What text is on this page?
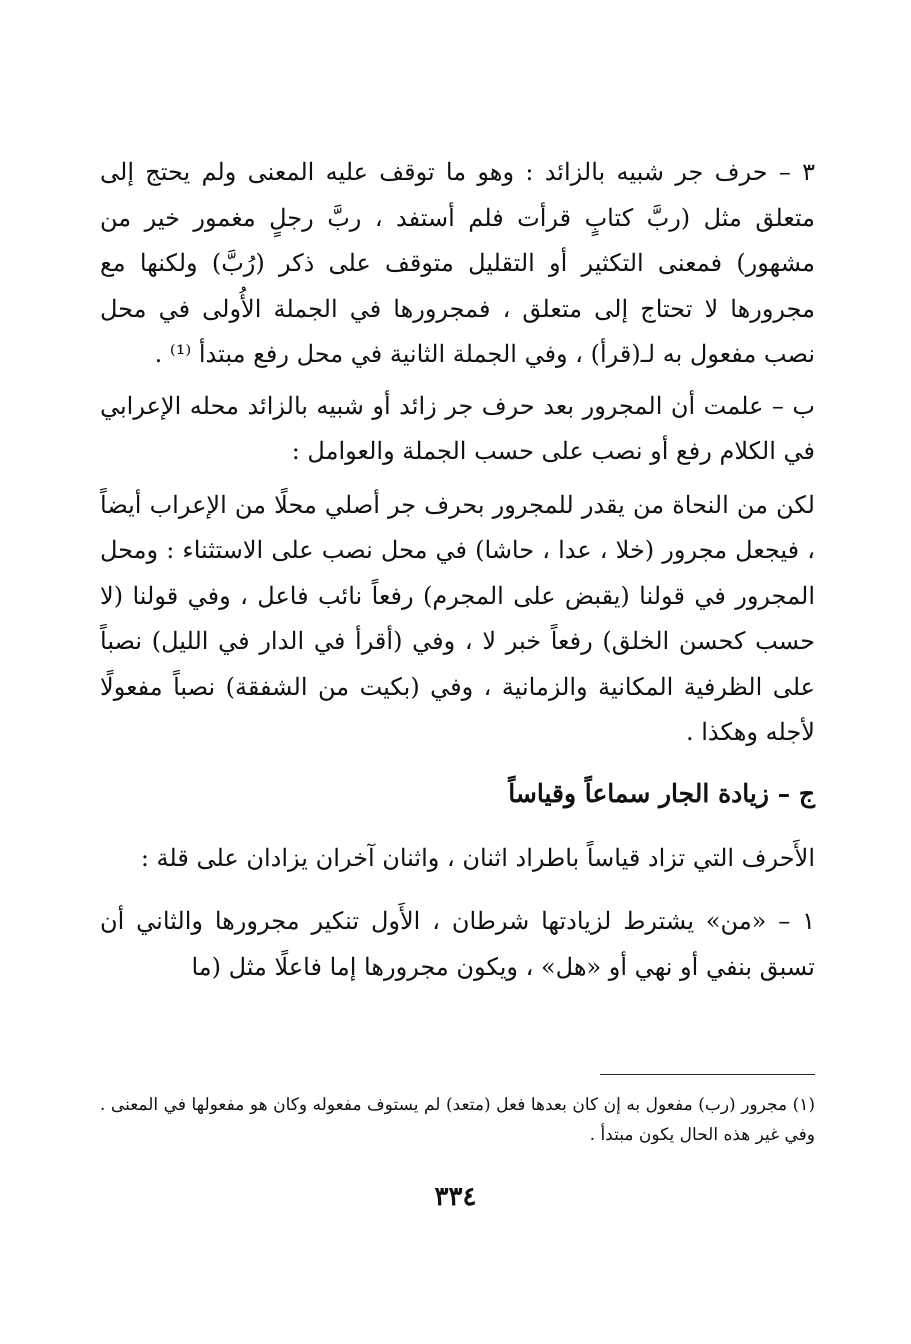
٣ – حرف جر شبيه بالزائد : وهو ما توقف عليه المعنى ولم يحتج إلى متعلق مثل (ربَّ كتابٍ قرأت فلم أستفد ، ربَّ رجلٍ مغمور خير من مشهور) فمعنى التكثير أو التقليل متوقف على ذكر (رُبَّ) ولكنها مع مجرورها لا تحتاج إلى متعلق ، فمجرورها في الجملة الأُولى في محل نصب مفعول به لـ(قرأ) ، وفي الجملة الثانية في محل رفع مبتدأ ⁽¹⁾ .

ب – علمت أن المجرور بعد حرف جر زائد أو شبيه بالزائد محله الإعرابي في الكلام رفع أو نصب على حسب الجملة والعوامل :

لكن من النحاة من يقدر للمجرور بحرف جر أصلي محلًا من الإعراب أيضاً ، فيجعل مجرور (خلا ، عدا ، حاشا) في محل نصب على الاستثناء : ومحل المجرور في قولنا (يقبض على المجرم) رفعاً نائب فاعل ، وفي قولنا (لا حسب كحسن الخلق) رفعاً خبر لا ، وفي (أقرأ في الدار في الليل) نصباً على الظرفية المكانية والزمانية ، وفي (بكيت من الشفقة) نصباً مفعولًا لأجله وهكذا .

ج – زيادة الجار سماعاً وقياساً

الأَحرف التي تزاد قياساً باطراد اثنان ، واثنان آخران يزادان على قلة :

١ – «من» يشترط لزيادتها شرطان ، الأَول تنكير مجرورها والثاني أن تسبق بنفي أو نهي أو «هل» ، ويكون مجرورها إما فاعلًا مثل (ما

(١) مجرور (رب) مفعول به إن كان بعدها فعل (متعد) لم يستوف مفعوله وكان هو مفعولها في المعنى . وفي غير هذه الحال يكون مبتدأ .

٣٣٤
